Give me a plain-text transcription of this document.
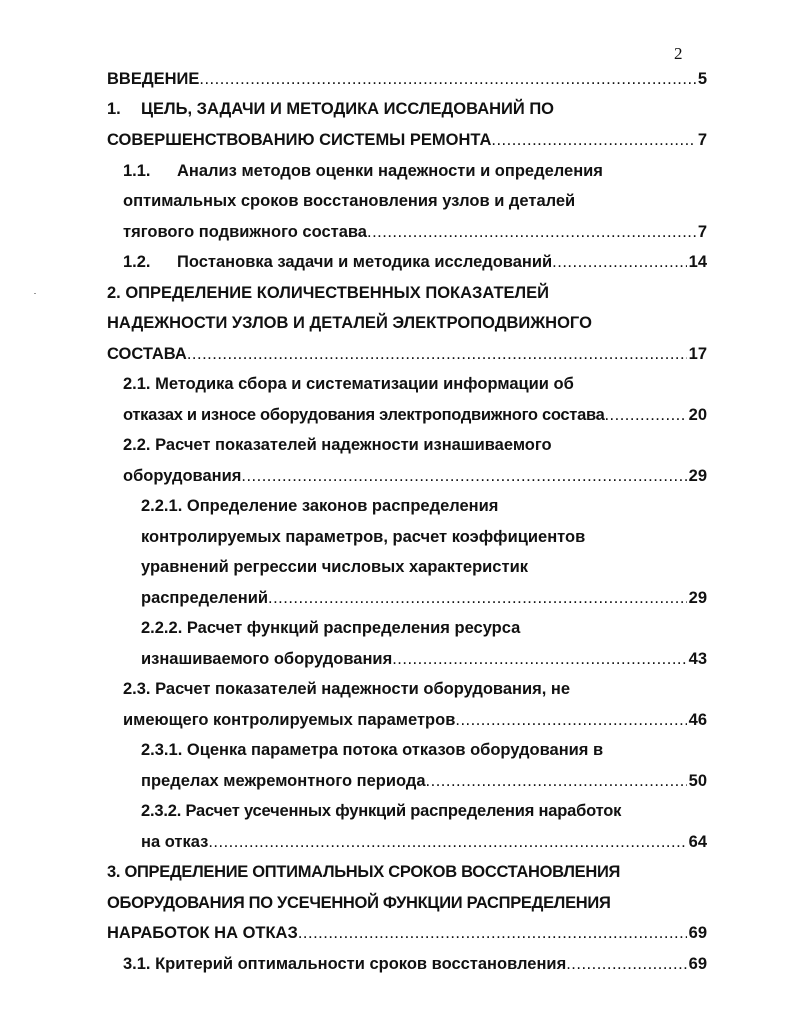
2
ВВЕДЕНИЕ .....	5
1.	ЦЕЛЬ, ЗАДАЧИ И МЕТОДИКА ИССЛЕДОВАНИЙ ПО
СОВЕРШЕНСТВОВАНИЮ СИСТЕМЫ РЕМОНТА .....	7
1.1.	Анализ методов оценки надежности и определения
оптимальных сроков восстановления узлов и деталей
тягового подвижного состава .....	7
1.2.	Постановка задачи и методика исследований .....	14
2. ОПРЕДЕЛЕНИЕ КОЛИЧЕСТВЕННЫХ ПОКАЗАТЕЛЕЙ
НАДЕЖНОСТИ УЗЛОВ И ДЕТАЛЕЙ ЭЛЕКТРОПОДВИЖНОГО
СОСТАВА .....	17
2.1. Методика сбора и систематизации информации об
отказах и износе оборудования электроподвижного состава .....	20
2.2. Расчет показателей надежности изнашиваемого
оборудования .....	29
2.2.1. Определение законов распределения
контролируемых параметров, расчет коэффициентов
уравнений регрессии числовых характеристик
распределений .....	29
2.2.2. Расчет функций распределения ресурса
изнашиваемого оборудования .....	43
2.3. Расчет показателей надежности оборудования, не
имеющего контролируемых параметров .....	46
2.3.1. Оценка параметра потока отказов оборудования в
пределах межремонтного периода .....	50
2.3.2. Расчет усеченных функций распределения наработок
на отказ .....	64
3. ОПРЕДЕЛЕНИЕ ОПТИМАЛЬНЫХ СРОКОВ ВОССТАНОВЛЕНИЯ
ОБОРУДОВАНИЯ ПО УСЕЧЕННОЙ ФУНКЦИИ РАСПРЕДЕЛЕНИЯ
НАРАБОТОК НА ОТКАЗ .....	69
3.1. Критерий оптимальности сроков восстановления .....	69
